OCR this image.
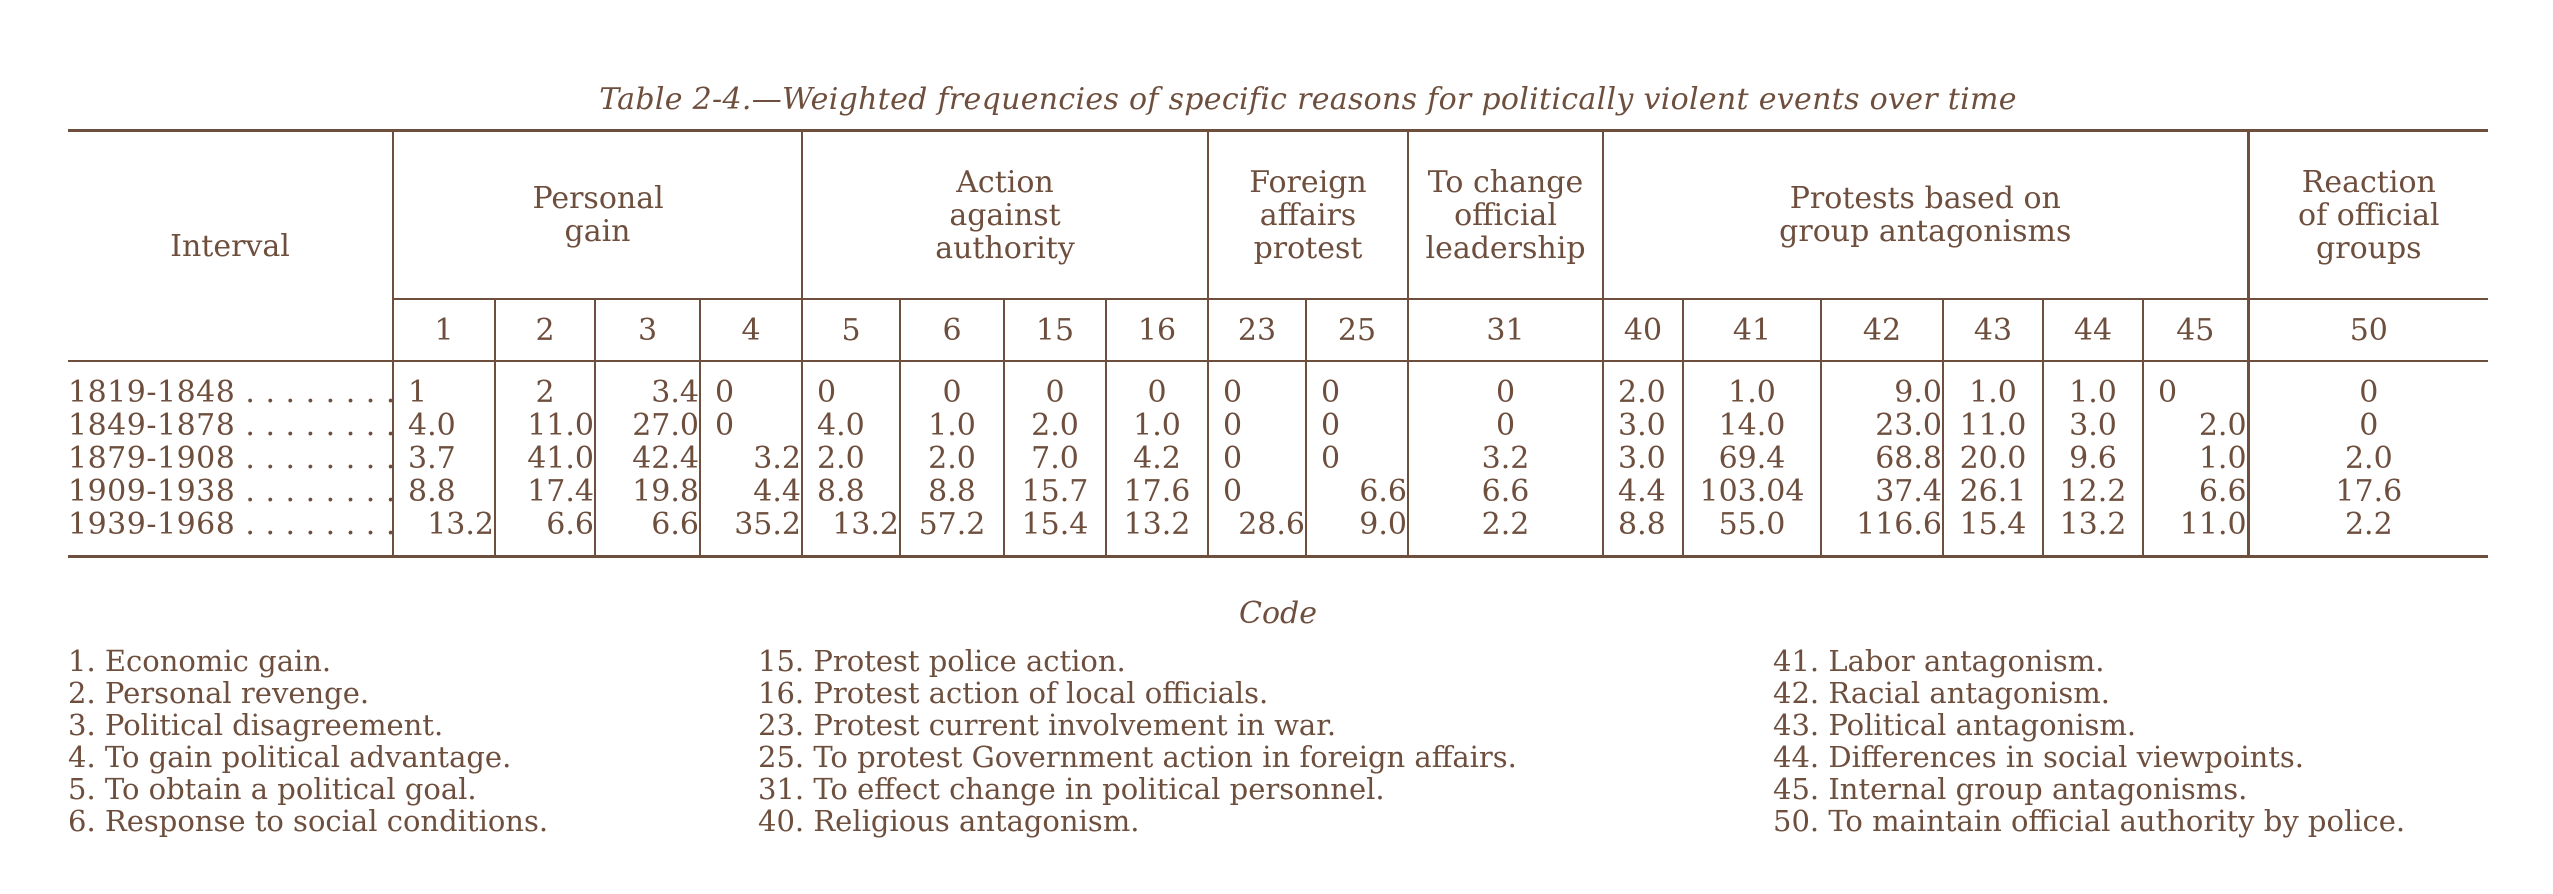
Table 2-4.—Weighted frequencies of specific reasons for politically violent events over time
Interval	Personal gain				Action against authority				Foreign affairs protest		To change official leadership	Protests based on group antagonisms						Reaction of official groups

	1	2	3	4	5	6	15	16	23	25	31	40	41	42	43	44	45	50

1819-1848 . . . . . . . .	1	2	3.4	0	0	0	0	0	0	0	0	2.0	1.0	9.0	1.0	1.0	0	0
1849-1878 . . . . . . . .	4.0	11.0	27.0	0	4.0	1.0	2.0	1.0	0	0	0	3.0	14.0	23.0	11.0	3.0	2.0	0
1879-1908 . . . . . . . .	3.7	41.0	42.4	3.2	2.0	2.0	7.0	4.2	0	0	3.2	3.0	69.4	68.8	20.0	9.6	1.0	2.0
1909-1938 . . . . . . . .	8.8	17.4	19.8	4.4	8.8	8.8	15.7	17.6	0	6.6	6.6	4.4	103.04	37.4	26.1	12.2	6.6	17.6
1939-1968 . . . . . . . .	13.2	6.6	6.6	35.2	13.2	57.2	15.4	13.2	28.6	9.0	2.2	8.8	55.0	116.6	15.4	13.2	11.0	2.2

Code
1. Economic gain.
2. Personal revenge.
3. Political disagreement.
4. To gain political advantage.
5. To obtain a political goal.
6. Response to social conditions.
15. Protest police action.
16. Protest action of local officials.
23. Protest current involvement in war.
25. To protest Government action in foreign affairs.
31. To effect change in political personnel.
40. Religious antagonism.
41. Labor antagonism.
42. Racial antagonism.
43. Political antagonism.
44. Differences in social viewpoints.
45. Internal group antagonisms.
50. To maintain official authority by police.
